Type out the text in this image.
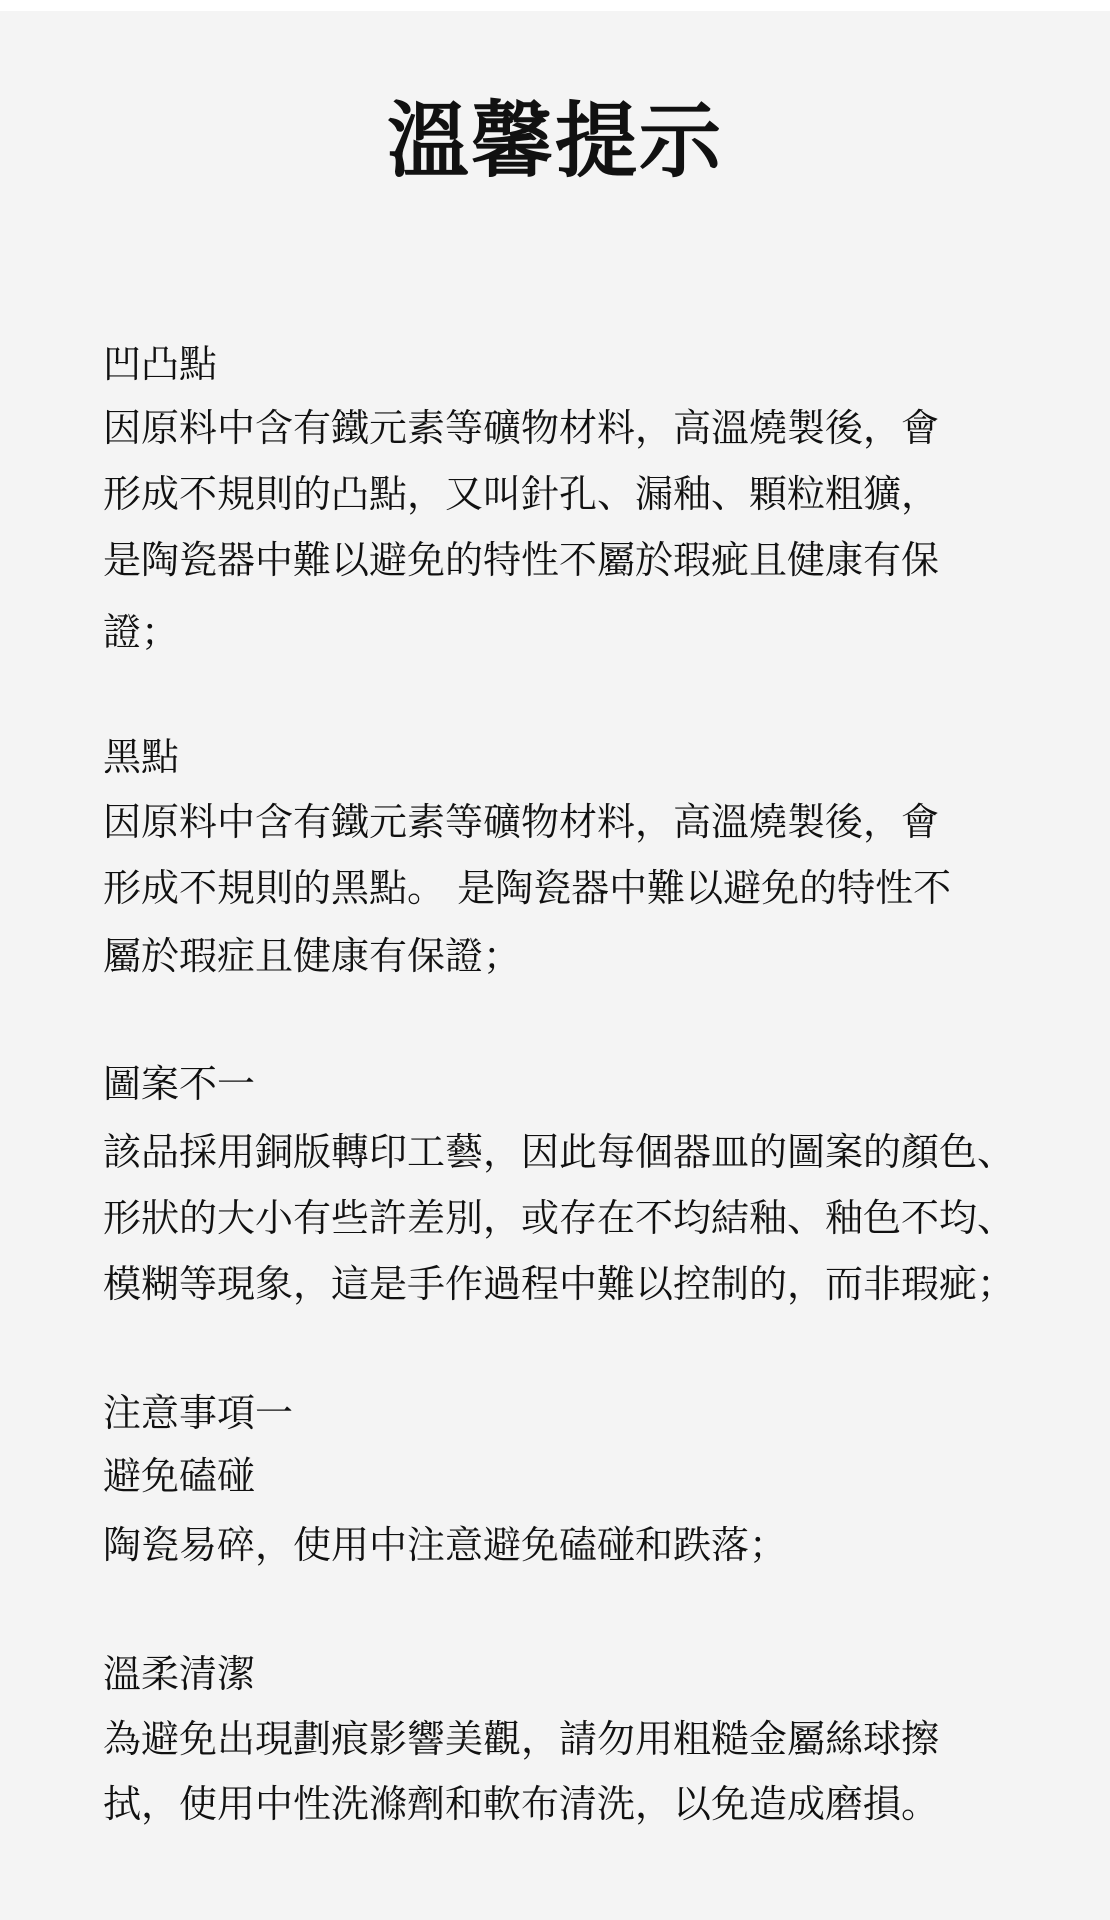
溫馨提示

凹凸點

因原料中含有鐵元素等礦物材料，高溫燒製後，會

形成不規則的凸點，又叫針孔、漏釉、顆粒粗獷，

是陶瓷器中難以避免的特性不屬於瑕疵且健康有保

證；

黑點

因原料中含有鐵元素等礦物材料，高溫燒製後，會

形成不規則的黑點。 是陶瓷器中難以避免的特性不

屬於瑕症且健康有保證；

圖案不一

該品採用銅版轉印工藝，因此每個器皿的圖案的顏色、

形狀的大小有些許差別，或存在不均結釉、釉色不均、

模糊等現象，這是手作過程中難以控制的，而非瑕疵；

注意事項一

避免磕碰

陶瓷易碎，使用中注意避免磕碰和跌落；

溫柔清潔

為避免出現劃痕影響美觀，請勿用粗糙金屬絲球擦

拭，使用中性洗滌劑和軟布清洗，以免造成磨損。
